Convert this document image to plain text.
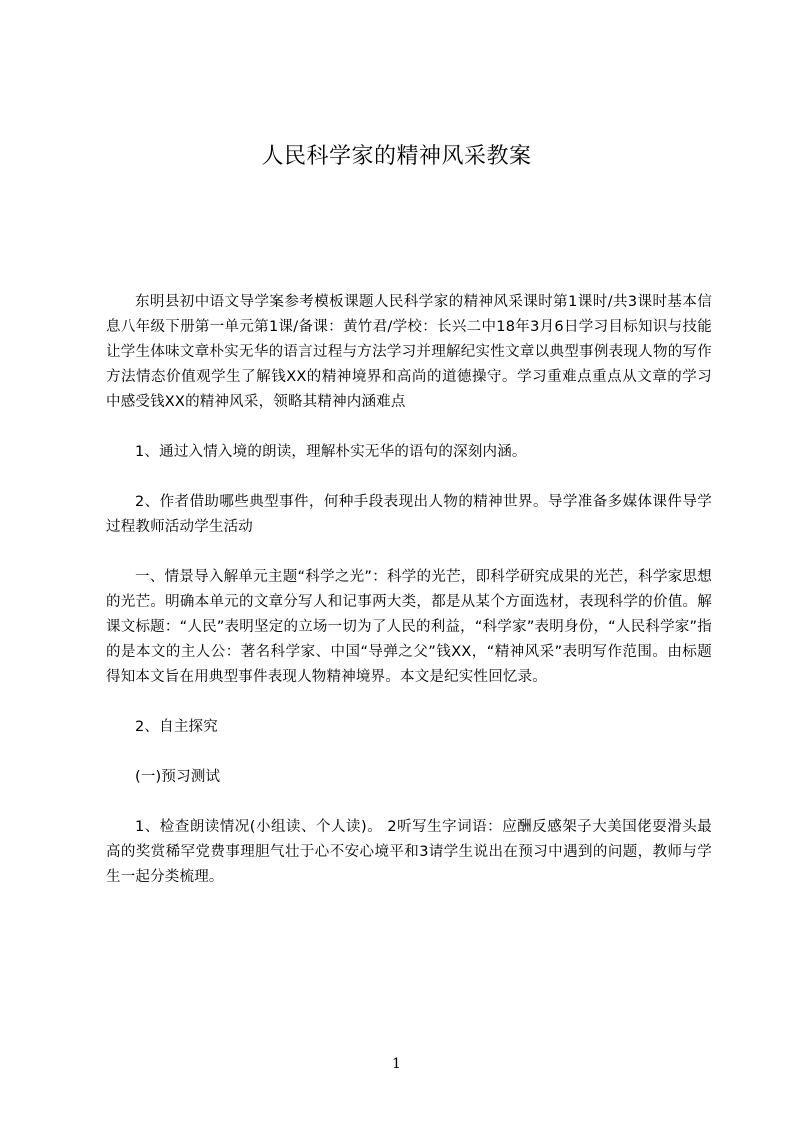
人民科学家的精神风采教案

东明县初中语文导学案参考模板课题人民科学家的精神风采课时第1课时/共3课时基本信息八年级下册第一单元第1课/备课：黄竹君/学校：长兴二中18年3月6日学习目标知识与技能让学生体味文章朴实无华的语言过程与方法学习并理解纪实性文章以典型事例表现人物的写作方法情态价值观学生了解钱XX的精神境界和高尚的道德操守。学习重难点重点从文章的学习中感受钱XX的精神风采，领略其精神内涵难点

1、通过入情入境的朗读，理解朴实无华的语句的深刻内涵。

2、作者借助哪些典型事件，何种手段表现出人物的精神世界。导学准备多媒体课件导学过程教师活动学生活动

一、情景导入解单元主题“科学之光”：科学的光芒，即科学研究成果的光芒，科学家思想的光芒。明确本单元的文章分写人和记事两大类，都是从某个方面选材，表现科学的价值。解课文标题：“人民”表明坚定的立场一切为了人民的利益，“科学家”表明身份，“人民科学家”指的是本文的主人公：著名科学家、中国“导弹之父”钱XX，“精神风采”表明写作范围。由标题得知本文旨在用典型事件表现人物精神境界。本文是纪实性回忆录。

2、自主探究

(一)预习测试

1、检查朗读情况(小组读、个人读)。 2听写生字词语：应酬反感架子大美国佬耍滑头最高的奖赏稀罕党费事理胆气壮于心不安心境平和3请学生说出在预习中遇到的问题，教师与学生一起分类梳理。

1
